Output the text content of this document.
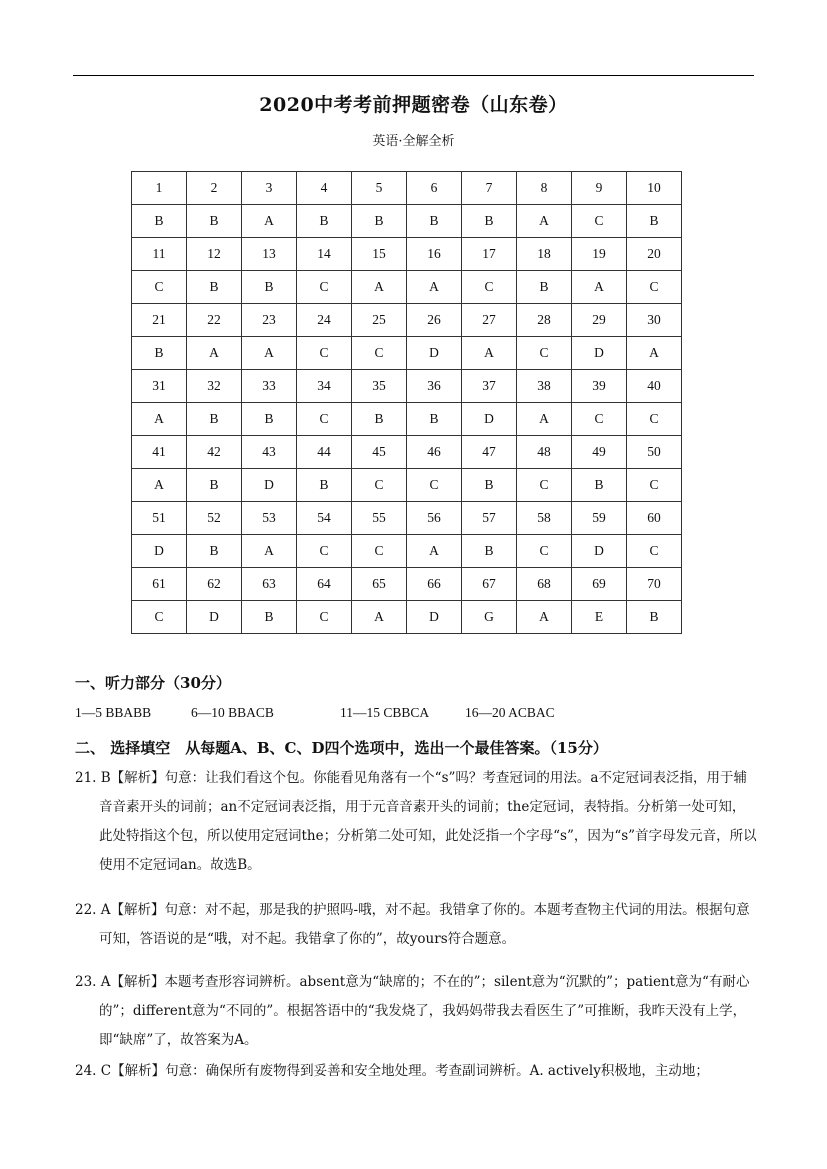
2020中考考前押题密卷（山东卷）
英语·全解全析
1	2	3	4	5	6	7	8	9	10
B	B	A	B	B	B	B	A	C	B
11	12	13	14	15	16	17	18	19	20
C	B	B	C	A	A	C	B	A	C
21	22	23	24	25	26	27	28	29	30
B	A	A	C	C	D	A	C	D	A
31	32	33	34	35	36	37	38	39	40
A	B	B	C	B	B	D	A	C	C
41	42	43	44	45	46	47	48	49	50
A	B	D	B	C	C	B	C	B	C
51	52	53	54	55	56	57	58	59	60
D	B	A	C	C	A	B	C	D	C
61	62	63	64	65	66	67	68	69	70
C	D	B	C	A	D	G	A	E	B
一、听力部分（30分）
1—5 BBABB	6—10 BBACB	11—15 CBBCA	16—20 ACBAC
二、 选择填空　从每题A、B、C、D四个选项中，选出一个最佳答案。（15分）

21. B【解析】句意：让我们看这个包。你能看见角落有一个“s”吗？考查冠词的用法。a不定冠词表泛指，用于辅音音素开头的词前；an不定冠词表泛指，用于元音音素开头的词前；the定冠词，表特指。分析第一处可知，此处特指这个包，所以使用定冠词the；分析第二处可知，此处泛指一个字母“s”，因为“s”首字母发元音，所以使用不定冠词an。故选B。

22. A【解析】句意：对不起，那是我的护照吗-哦，对不起。我错拿了你的。本题考查物主代词的用法。根据句意可知，答语说的是“哦，对不起。我错拿了你的”，故yours符合题意。

23. A【解析】本题考查形容词辨析。absent意为“缺席的；不在的”；silent意为“沉默的”；patient意为“有耐心的”；different意为“不同的”。根据答语中的“我发烧了，我妈妈带我去看医生了”可推断，我昨天没有上学，即“缺席”了，故答案为A。

24. C【解析】句意：确保所有废物得到妥善和安全地处理。考查副词辨析。A. actively积极地，主动地；
